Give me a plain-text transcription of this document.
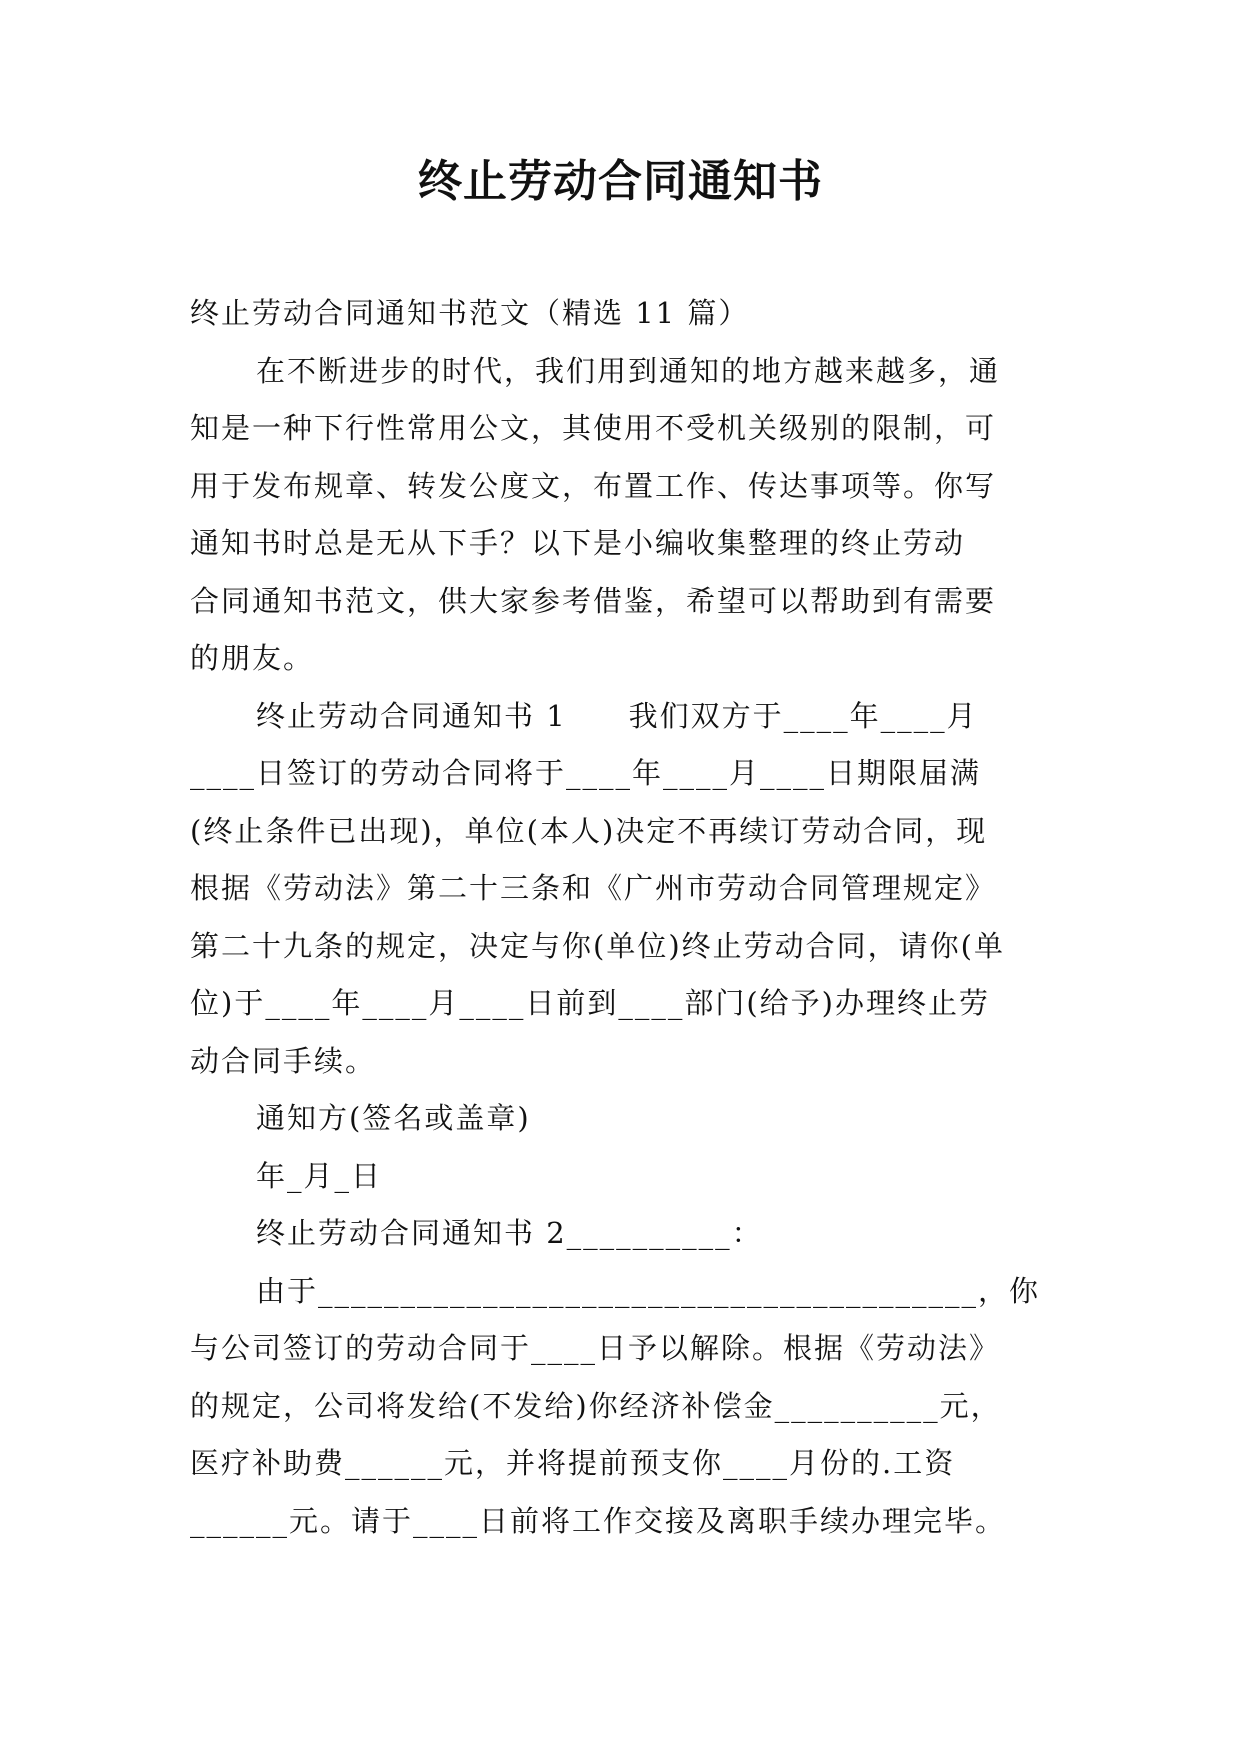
终止劳动合同通知书
终止劳动合同通知书范文（精选 11 篇）
在不断进步的时代，我们用到通知的地方越来越多，通
知是一种下行性常用公文，其使用不受机关级别的限制，可
用于发布规章、转发公度文，布置工作、传达事项等。你写
通知书时总是无从下手？以下是小编收集整理的终止劳动
合同通知书范文，供大家参考借鉴，希望可以帮助到有需要
的朋友。
终止劳动合同通知书 1　　我们双方于____年____月
____日签订的劳动合同将于____年____月____日期限届满
(终止条件已出现)，单位(本人)决定不再续订劳动合同，现
根据《劳动法》第二十三条和《广州市劳动合同管理规定》
第二十九条的规定，决定与你(单位)终止劳动合同，请你(单
位)于____年____月____日前到____部门(给予)办理终止劳
动合同手续。
通知方(签名或盖章)
年_月_日
终止劳动合同通知书 2__________：
由于________________________________________，你
与公司签订的劳动合同于____日予以解除。根据《劳动法》
的规定，公司将发给(不发给)你经济补偿金__________元，
医疗补助费______元，并将提前预支你____月份的.工资
______元。请于____日前将工作交接及离职手续办理完毕。
